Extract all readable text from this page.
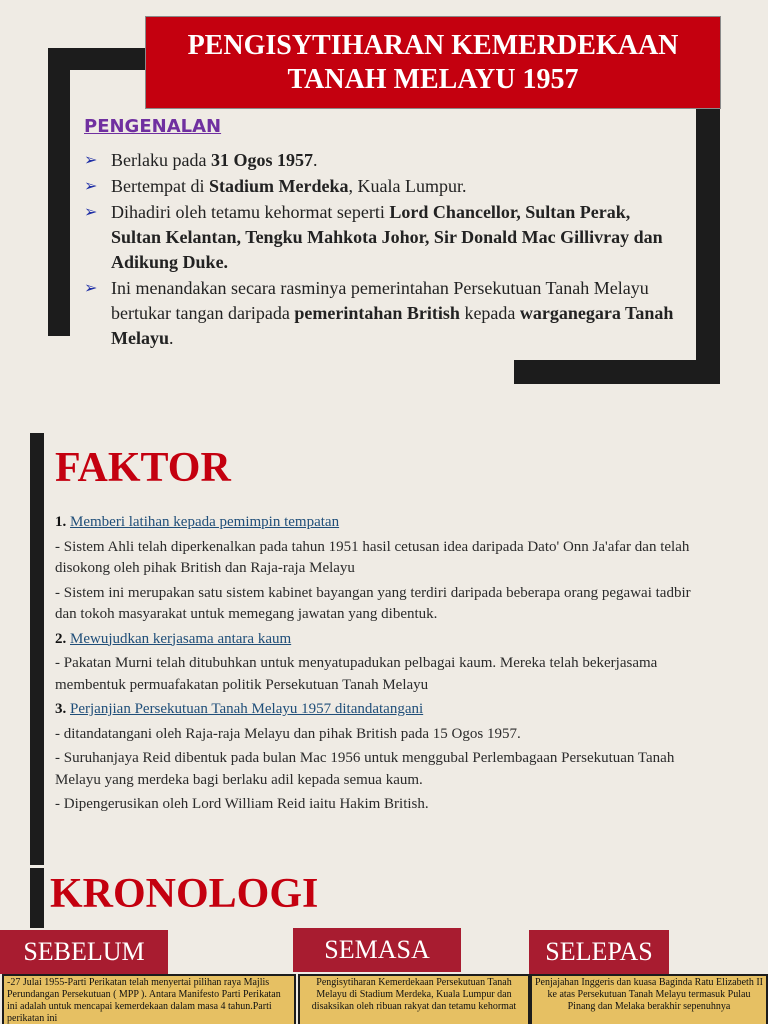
PENGISYTIHARAN KEMERDEKAAN
TANAH MELAYU 1957
PENGENALAN
➢ Berlaku pada 31 Ogos 1957.
➢ Bertempat di Stadium Merdeka, Kuala Lumpur.
➢ Dihadiri oleh tetamu kehormat seperti Lord Chancellor, Sultan Perak, Sultan Kelantan, Tengku Mahkota Johor, Sir Donald Mac Gillivray dan Adikung Duke.
➢ Ini menandakan secara rasminya pemerintahan Persekutuan Tanah Melayu bertukar tangan daripada pemerintahan British kepada warganegara Tanah Melayu.
FAKTOR

1. Memberi latihan kepada pemimpin tempatan

- Sistem Ahli telah diperkenalkan pada tahun 1951 hasil cetusan idea daripada Dato' Onn Ja'afar dan telah disokong oleh pihak British dan Raja-raja Melayu

- Sistem ini merupakan satu sistem kabinet bayangan yang terdiri daripada beberapa orang pegawai tadbir dan tokoh masyarakat untuk memegang jawatan yang dibentuk.

2. Mewujudkan kerjasama antara kaum

- Pakatan Murni telah ditubuhkan untuk menyatupadukan pelbagai kaum. Mereka telah bekerjasama membentuk permuafakatan politik Persekutuan Tanah Melayu

3. Perjanjian Persekutuan Tanah Melayu 1957 ditandatangani

- ditandatangani oleh Raja-raja Melayu dan pihak British pada 15 Ogos 1957.

- Suruhanjaya Reid dibentuk pada bulan Mac 1956 untuk menggubal Perlembagaan Persekutuan Tanah Melayu yang merdeka bagi berlaku adil kepada semua kaum.

- Dipengerusikan oleh Lord William Reid iaitu Hakim British.

KRONOLOGI
SEBELUM	SEMASA	SELEPAS
-27 Julai 1955-Parti Perikatan telah menyertai pilihan raya Majlis Perundangan Persekutuan ( MPP ). Antara Manifesto Parti Perikatan ini adalah untuk mencapai kemerdekaan dalam masa 4 tahun.Parti perikatan ini
Pengisytiharan Kemerdekaan Persekutuan Tanah Melayu di Stadium Merdeka, Kuala Lumpur dan disaksikan oleh ribuan rakyat dan tetamu kehormat
Penjajahan Inggeris dan kuasa Baginda Ratu Elizabeth II ke atas Persekutuan Tanah Melayu termasuk Pulau Pinang dan Melaka berakhir sepenuhnya
